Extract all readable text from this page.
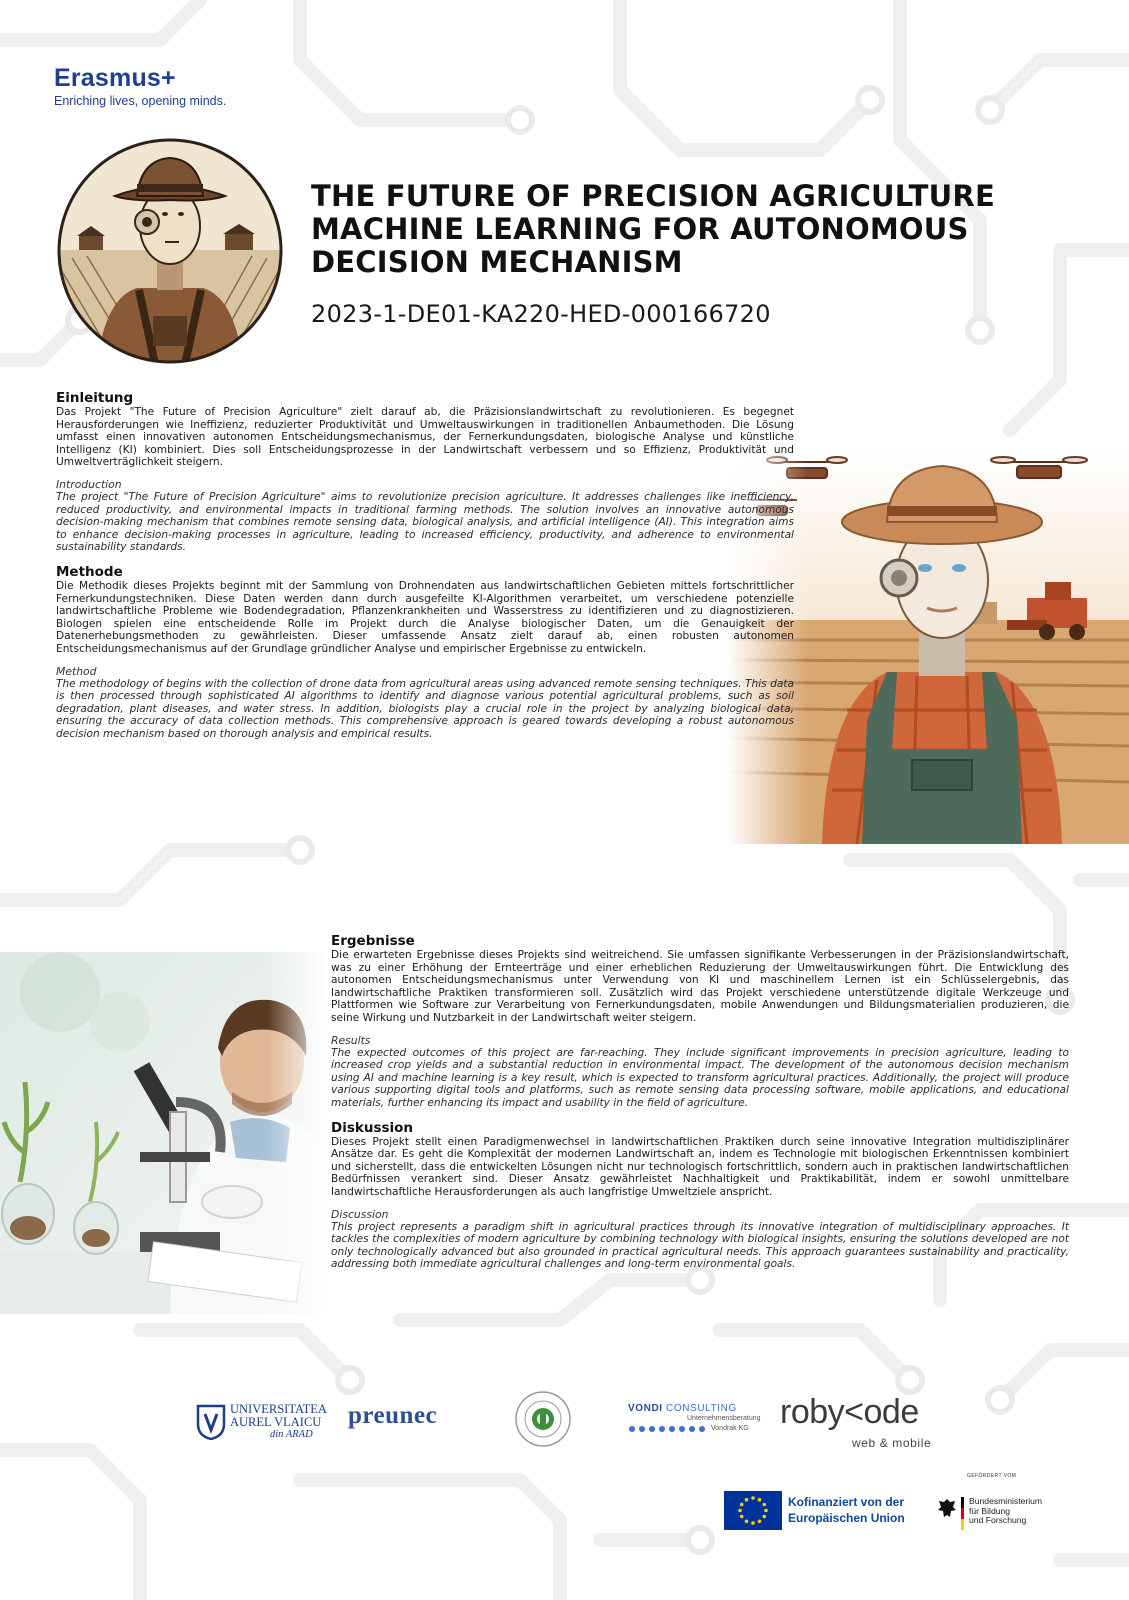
Erasmus+
Enriching lives, opening minds.
THE FUTURE OF PRECISION AGRICULTURE
MACHINE LEARNING FOR AUTONOMOUS
DECISION MECHANISM
2023-1-DE01-KA220-HED-000166720
Einleitung
Das Projekt "The Future of Precision Agriculture" zielt darauf ab, die Präzisionslandwirtschaft zu revolutionieren. Es begegnet Herausforderungen wie Ineffizienz, reduzierter Produktivität und Umweltauswirkungen in traditionellen Anbaumethoden. Die Lösung umfasst einen innovativen autonomen Entscheidungsmechanismus, der Fernerkundungsdaten, biologische Analyse und künstliche Intelligenz (KI) kombiniert. Dies soll Entscheidungsprozesse in der Landwirtschaft verbessern und so Effizienz, Produktivität und Umweltverträglichkeit steigern.
Introduction
The project "The Future of Precision Agriculture" aims to revolutionize precision agriculture. It addresses challenges like inefficiency, reduced productivity, and environmental impacts in traditional farming methods. The solution involves an innovative autonomous decision-making mechanism that combines remote sensing data, biological analysis, and artificial intelligence (AI). This integration aims to enhance decision-making processes in agriculture, leading to increased efficiency, productivity, and adherence to environmental sustainability standards.
Methode
Die Methodik dieses Projekts beginnt mit der Sammlung von Drohnendaten aus landwirtschaftlichen Gebieten mittels fortschrittlicher Fernerkundungstechniken. Diese Daten werden dann durch ausgefeilte KI-Algorithmen verarbeitet, um verschiedene potenzielle landwirtschaftliche Probleme wie Bodendegradation, Pflanzenkrankheiten und Wasserstress zu identifizieren und zu diagnostizieren. Biologen spielen eine entscheidende Rolle im Projekt durch die Analyse biologischer Daten, um die Genauigkeit der Datenerhebungsmethoden zu gewährleisten. Dieser umfassende Ansatz zielt darauf ab, einen robusten autonomen Entscheidungsmechanismus auf der Grundlage gründlicher Analyse und empirischer Ergebnisse zu entwickeln.
Method
The methodology of begins with the collection of drone data from agricultural areas using advanced remote sensing techniques. This data is then processed through sophisticated AI algorithms to identify and diagnose various potential agricultural problems, such as soil degradation, plant diseases, and water stress. In addition, biologists play a crucial role in the project by analyzing biological data, ensuring the accuracy of data collection methods. This comprehensive approach is geared towards developing a robust autonomous decision mechanism based on thorough analysis and empirical results.
Ergebnisse
Die erwarteten Ergebnisse dieses Projekts sind weitreichend. Sie umfassen signifikante Verbesserungen in der Präzisionslandwirtschaft, was zu einer Erhöhung der Ernteerträge und einer erheblichen Reduzierung der Umweltauswirkungen führt. Die Entwicklung des autonomen Entscheidungsmechanismus unter Verwendung von KI und maschinellem Lernen ist ein Schlüsselergebnis, das landwirtschaftliche Praktiken transformieren soll. Zusätzlich wird das Projekt verschiedene unterstützende digitale Werkzeuge und Plattformen wie Software zur Verarbeitung von Fernerkundungsdaten, mobile Anwendungen und Bildungsmaterialien produzieren, die seine Wirkung und Nutzbarkeit in der Landwirtschaft weiter steigern.
Results
The expected outcomes of this project are far-reaching. They include significant improvements in precision agriculture, leading to increased crop yields and a substantial reduction in environmental impact. The development of the autonomous decision mechanism using AI and machine learning is a key result, which is expected to transform agricultural practices. Additionally, the project will produce various supporting digital tools and platforms, such as remote sensing data processing software, mobile applications, and educational materials, further enhancing its impact and usability in the field of agriculture.
Diskussion
Dieses Projekt stellt einen Paradigmenwechsel in landwirtschaftlichen Praktiken durch seine innovative Integration multidisziplinärer Ansätze dar. Es geht die Komplexität der modernen Landwirtschaft an, indem es Technologie mit biologischen Erkenntnissen kombiniert und sicherstellt, dass die entwickelten Lösungen nicht nur technologisch fortschrittlich, sondern auch in praktischen landwirtschaftlichen Bedürfnissen verankert sind. Dieser Ansatz gewährleistet Nachhaltigkeit und Praktikabilität, indem er sowohl unmittelbare landwirtschaftliche Herausforderungen als auch langfristige Umweltziele anspricht.
Discussion
This project represents a paradigm shift in agricultural practices through its innovative integration of multidisciplinary approaches. It tackles the complexities of modern agriculture by combining technology with biological insights, ensuring the solutions developed are not only technologically advanced but also grounded in practical agricultural needs. This approach guarantees sustainability and practicality, addressing both immediate agricultural challenges and long-term environmental goals.
UNIVERSITATEA
AUREL VLAICU
din ARAD
preunec	VONDI CONSULTING
Unternehmensberatung
Vondrak KG roby<ode
web & mobile
Kofinanziert von der
Europäischen Union
GEFÖRDERT VOM
Bundesministerium
für Bildung
und Forschung
